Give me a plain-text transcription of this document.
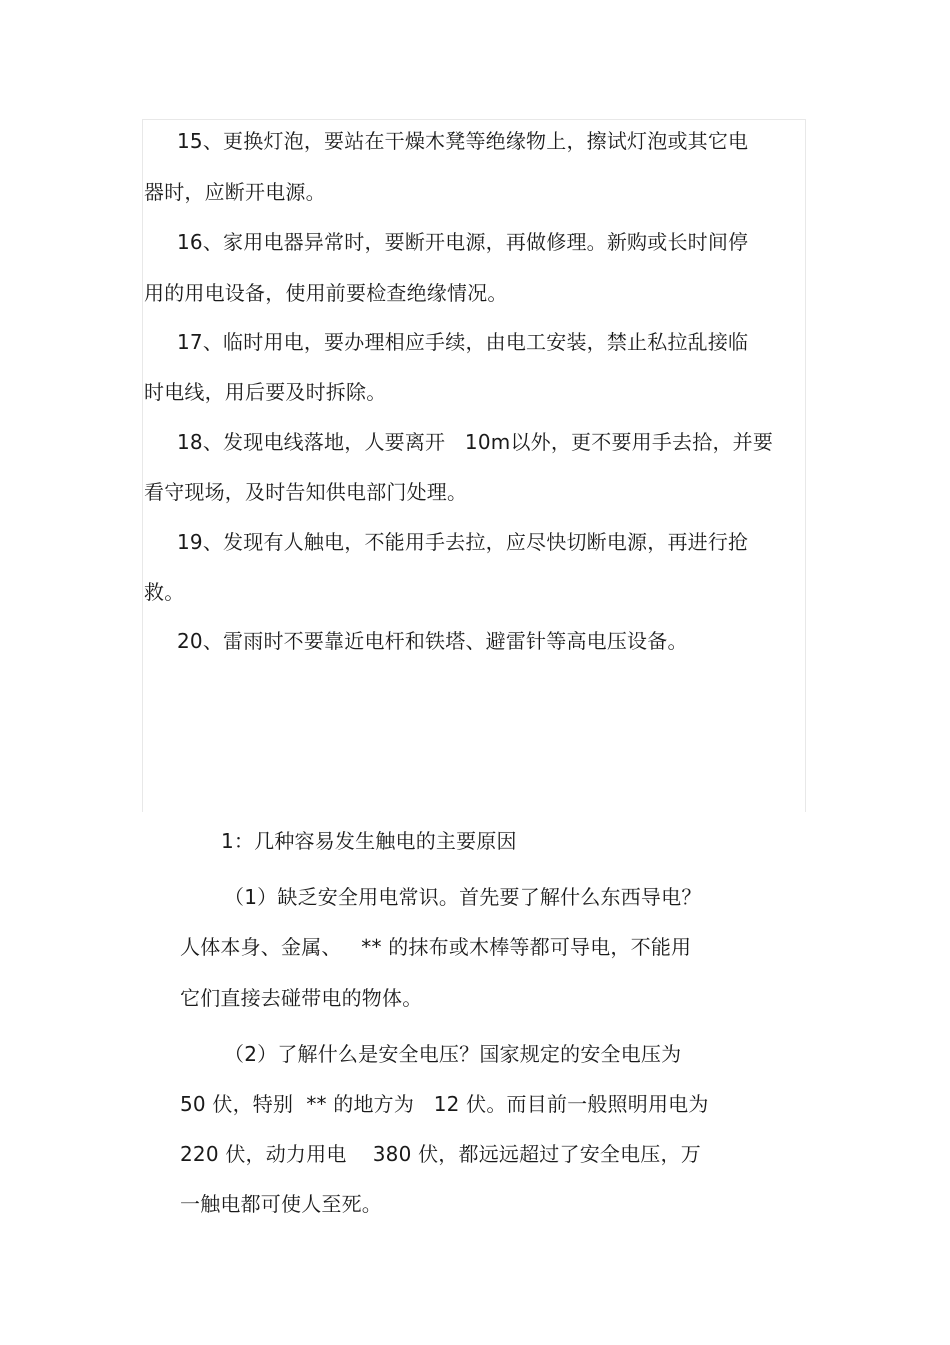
15、更换灯泡，要站在干燥木凳等绝缘物上，擦试灯泡或其它电
器时，应断开电源。
16、家用电器异常时，要断开电源，再做修理。新购或长时间停
用的用电设备，使用前要检查绝缘情况。
17、临时用电，要办理相应手续，由电工安装，禁止私拉乱接临
时电线，用后要及时拆除。
18、发现电线落地，人要离开   10m以外，更不要用手去拾，并要
看守现场，及时告知供电部门处理。
19、发现有人触电，不能用手去拉，应尽快切断电源，再进行抢
救。
20、雷雨时不要靠近电杆和铁塔、避雷针等高电压设备。
1：几种容易发生触电的主要原因
（1）缺乏安全用电常识。首先要了解什么东西导电？
人体本身、金属、   ** 的抹布或木棒等都可导电，不能用
它们直接去碰带电的物体。
（2）了解什么是安全电压？国家规定的安全电压为
50 伏，特别  ** 的地方为   12 伏。而目前一般照明用电为
220 伏，动力用电    380 伏，都远远超过了安全电压，万
一触电都可使人至死。
